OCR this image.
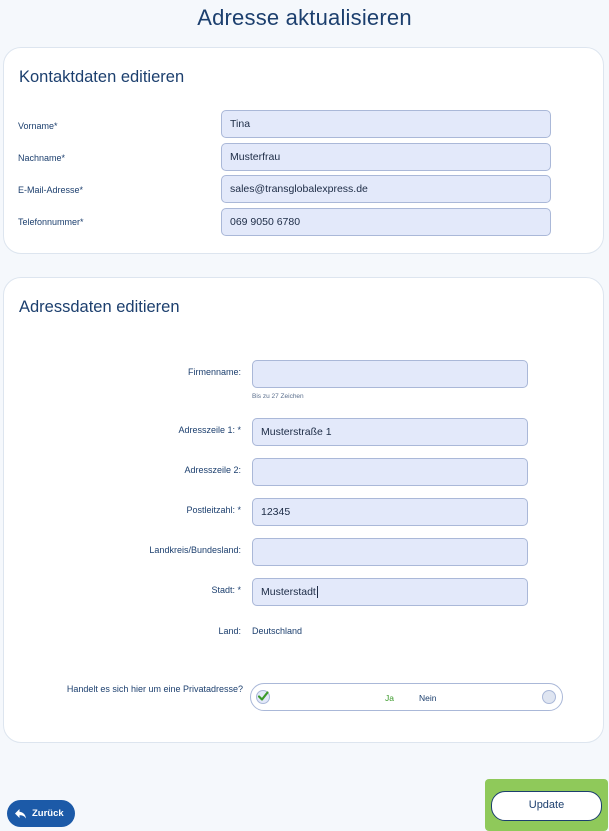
Adresse aktualisieren
Kontaktdaten editieren
Vorname*
Tina
Nachname*
Musterfrau
E-Mail-Adresse*
sales@transglobalexpress.de
Telefonnummer*
069 9050 6780
Adressdaten editieren
Firmenname:
Bis zu 27 Zeichen
Adresszeile 1: *
Musterstraße 1
Adresszeile 2:
Postleitzahl: *
12345
Landkreis/Bundesland:
Stadt: * Musterstadt
Land: Deutschland
Handelt es sich hier um eine Privatadresse?
Ja	Nein
Zurück
Update
